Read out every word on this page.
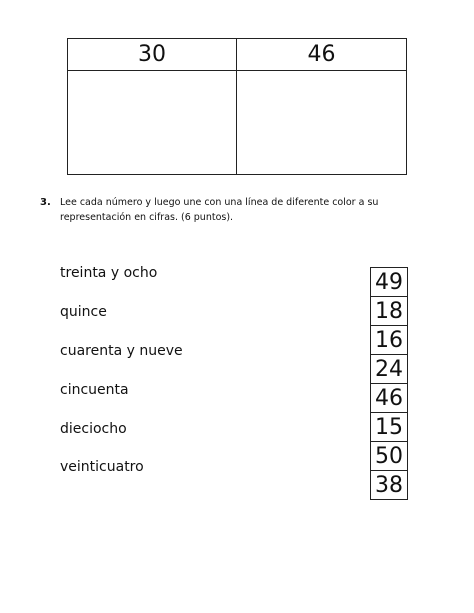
30	46
3. Lee cada número y luego une con una línea de diferente color a su representación en cifras. (6 puntos).
treinta y ocho
quince
cuarenta y nueve
cincuenta
dieciocho
veinticuatro
49
18
16
24
46
15
50
38
